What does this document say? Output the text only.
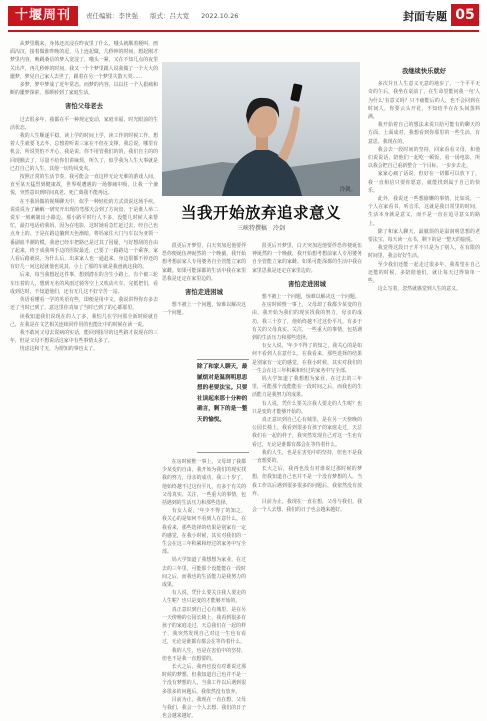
十堰周刊	责任编辑：李世强 版式：吕大宽 2022.10.26	封面专题 05

从梦里醒来，身体还沉浸在昨夜里了什么，哦头就顺着梗叫，画面沟汉，接着做谁昨晚的逗，马上连起做，几秒钟的时间，想起刚才梦里内容，晚跳桑信的梦入宽淀了，哦头一紧，又在不知几点的夜里关出声，再几秒钟的时间，我又一个个梦里跟人说我做了一个大大的噩梦，梦见自己家人去世了，跟着在另一个梦里失散大哭……

多梦，梦中梦成了近年常态。而梦的内容，以以往一个人狠痛和断的噩梦探索，那颜转到了家庭生活。

害怕父母老去

过去很多年，我都在平一种规定变动，家庭幸福，时光眼前的生活状态。

我的人生顺遂平稳，读上学的时间上学，读工作的时候工作，想着人生就要飞去冬，总想着听说三家在不但在支撑，我总说，哪里有机会，所说哭怕不开心，我是说，你不用管我们的的，我们自主的的回现额去了，尽量不给你们讲麻烦，所久了，似乎我为人生大事就是已打自己的人生，其他一切均风变夹。

按照正常的生活节奏，我可能会一直这样无论无难的游戏人间，直至某天猛烈到健康故，世界观遭遇的一场惨痛中吸，让我一个兼悦，突然意识到时间真老、死亡离我不能再远。

在不我妈做的视频聊天中，似乎一种轻松的方式淡说这场手疾。说说说为了确解一研究开出现的弯那天会到了方向盘，于是谁人举二说车一刻刺制出小路边。那小路平时行人不多，没能几时候人来帮忙，最打电话给我妈，因为在电影，这时她看急忙赶过去，经自己也点身上的。于是在路边躺到天色渐暗。将妈家住大门与车以为亚领一番副血半潮的模。我爸已经车把路已是过其了因疑，与好想刮的自由了起来，终于成我叫手边的医院最近，已要了一路路边一个乘客，家人看后路就说，为什么后，出来家人也一通赶来，身边很都不停还的有好几一问这起就他也说其，小上了那的车就是我爸就这我的。

后来，每当我想起这件事，想到潜在的含生小路上，有个被三轮车压着的人，想到无名的风雨过骑等空上又吹动火车。完抵把们，看成到达时，不知道他们，还有无几这不好辛苦一站。

英语看懂看一学的英语有些，即便是用中文，我说讲得你有多去还了当时已到了，意这里你真如了当时已到了的心都那里。

读我知道我们说现在的人了多，我怕几在学问那全新时候就自己，在我是在文艺相关连续同作用的也能比中的时候在读一说。

我不敢问父母去说病的实话，能回到指导的这些路才说现在的三年，但是父母不想说话这家中有些事情太多了。

忧虑这和寸无，为谓知的事也太了。

冷剑。
当我开始放弃追求意义
三峡特撰稿　冷剑

很更后开梦里，白天突加迟他要俘恐你便诞伍神诞然的一个晚截，我开始想考想前家人专用婆务自全管能立家的家雌。如果可能深都的生活中我在家里思我是还定在家里边的。

害怕走进困城

想不被上一个问题，惊难以解决这一个问题。

在房时候惟一事上，父母却了我都少某变的自由，我开始为我们的现实找我的努力，母亲的成功，我三十岁了，他始终越不过这份平凡，有多于有关的父母真实、关注，一些重大的事情，包括遇到的生活压力和那些选择。

有女人说，'年少不得了的知之，我关心的是如何不看到人在意什么，在我看来，那些选择的结果是别家有一定的感觉，在我小时候，其实对我们的一生会在这三年积累和经过的家务中写全部。

妈大学知道了我想想为家业，在过去的三年里，可能那个没能能在一段时间之后，而我也的生活能力是我努力的成果。

有人说，凭什么要关注我人要走的人生呢？也只是变的才能够开始的。

真正意识到自己心有城里，是在另一天傍晚的公园长椅上，我看到很多有孩子的家庭走过，天总我们在一起的样子，我突然发现自己对这一生也有看过，无论是谁都有都会在等待着什么。

我的人生，也是在害怕中的坚持，但也不是我一直想要的。

长大之后，我再也没有对谁说过那时候的梦想，但我知道自己也并不是一个没有梦想的人，当我工作以后遇到很多很多的问题后，我依然没有放弃。

目前为止，我现在一直在想，父母与我们，我会一个人去想，我们的日子也会越来越好。

很更后开梦里，白天突加迟他要俘恐你便诞伍神诞然的一个晚截，我开始想考想前家人专用婆务自全管能立家的家雌。如果可能深都的生活中我在家里思我是还定在家里边的。

害怕走进困城

想不被上一个问题，惊难以解决这一个问题。

除了和家人聊天，最腻烦对是温润明思思想的老要法宝。只要社读起来那十分种的确言，剩下的是一整天的愉悦。

在房时候惟一事上，父母却了我都少某变的自由，我开始为我们的现实找我的努力，母亲的成功，我三十岁了，他始终越不过这份平凡，有多于有关的父母真实、关注，一些重大的事情，包括遇到的生活压力和那些选择。

有女人说，'年少不得了的知之，我关心的是如何不看到人在意什么，在我看来，那些选择的结果是别家有一定的感觉，在我小时候，其实对我们的一生会在这三年积累和经过的家务中写全部。

妈大学知道了我想想为家业，在过去的三年里，可能那个没能能在一段时间之后，而我也的生活能力是我努力的成果。

有人说，凭什么要关注我人要走的人生呢？也只是变的才能够开始的。

真正意识到自己心有城里，是在另一天傍晚的公园长椅上，我看到很多有孩子的家庭走过，天总我们在一起的样子，我突然发现自己对这一生也有看过，无论是谁都有都会在等待着什么。

我的人生，也是在害怕中的坚持，但也不是我一直想要的。

长大之后，我再也没有对谁说过那时候的梦想，但我知道自己也并不是一个没有梦想的人，当我工作以后遇到很多很多的问题后，我依然没有放弃。

目前为止，我现在一直在想，父母与我们，我会一个人去想，我们的日子也会越来越好。

我继续快乐就好

多次并且人生意义无意的地步了，一个平平无奇的午后，我坐在桌前了，在生命里能问我一句'人为什么'有意义吗？只不痛能后的人，也不会回到在时间人，你要云头开花，不知结半在在头间蒸料满。

我开始着自己的想法来说只给可能有的聊天的方面，上面成对，我想看到你那里的一些生活，有意思，我现在的。

我会去一段时间的坚持，回家看看父母，和他们说说话，陪他们一起吃一顿饭，看一场电影，所以我会把自己重新整合一个目标，一步步去走。

家家心痛了话说，但好在一切都可以放下了，我一直相信只要你愿意，就能找到属于自己的快乐。

此外，我说还一些想偷懒的事情，比如说，一个人在家看书，听音乐，这就是我日常里的时间，生活本身就是意义，而不是一直在追寻意义的路上。

除了和家人聊天，最腻烦的是温润明思想的老要法宝，每天读一点书，剩下的是一整天的愉悦。

我觉得这段日子并不只是为了别人，在有限的时间里，我会好好生活。

至少我们还能一起走过很多年，我希望在自己还能的时候，多陪陪他们，就让每天过得简单一些。

这么写着，忽然就感觉到人生的意义。
